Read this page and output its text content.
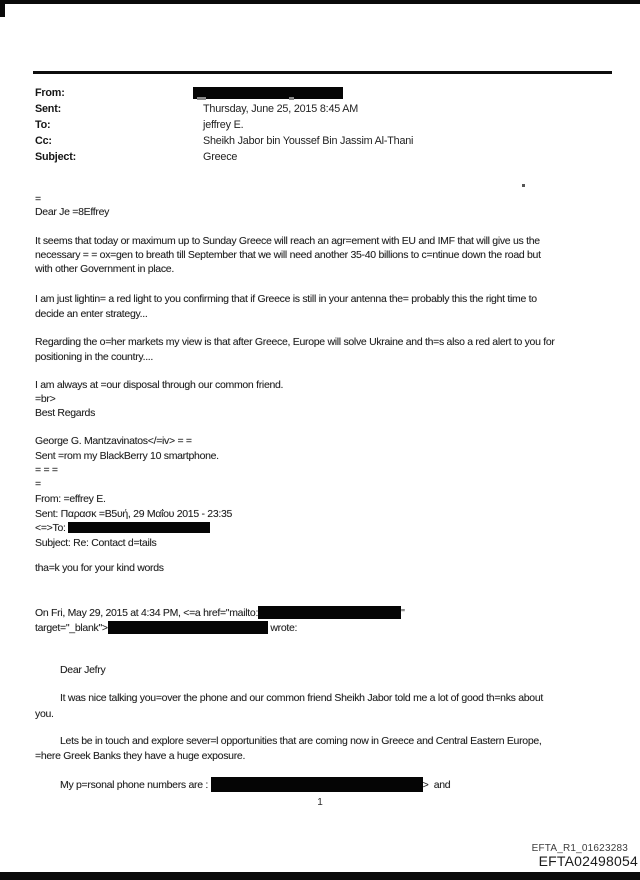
From:
Sent:	Thursday, June 25, 2015 8:45 AM
To:	jeffrey E.
Cc:	Sheikh Jabor bin Youssef Bin Jassim Al-Thani
Subject:	Greece
=
Dear Je =8Effrey
It seems that today or maximum up to Sunday Greece will reach an agr=ement with EU and IMF that will give us the
necessary = = ox=gen to breath till September that we will need another 35-40 billions to c=ntinue down the road but
with other Government in place.
I am just lightin= a red light to you confirming that if Greece is still in your antenna the= probably this the right time to
decide an enter strategy...
Regarding the o=her markets my view is that after Greece, Europe will solve Ukraine and th=s also a red alert to you for
positioning in the country....
I am always at =our disposal through our common friend.
=br>
Best Regards
George G. Mantzavinatos</=iv> = =
Sent =rom my BlackBerry 10 smartphone.
= = =
=
From: =effrey E.
Sent: Παρασκ =Β5υή, 29 Μαΐου 2015 - 23:35
<=>To:
Subject: Re: Contact d=tails
tha=k you for your kind words
On Fri, May 29, 2015 at 4:34 PM, <=a href="mailto:	"
target="_blank">	wrote:
Dear Jefry
It was nice talking you=over the phone and our common friend Sheikh Jabor told me a lot of good th=nks about
you.
Lets be in touch and explore sever=l opportunities that are coming now in Greece and Central Eastern Europe,
=here Greek Banks they have a huge exposure.
My p=rsonal phone numbers are :	>  and
1
EFTA_R1_01623283
EFTA02498054
